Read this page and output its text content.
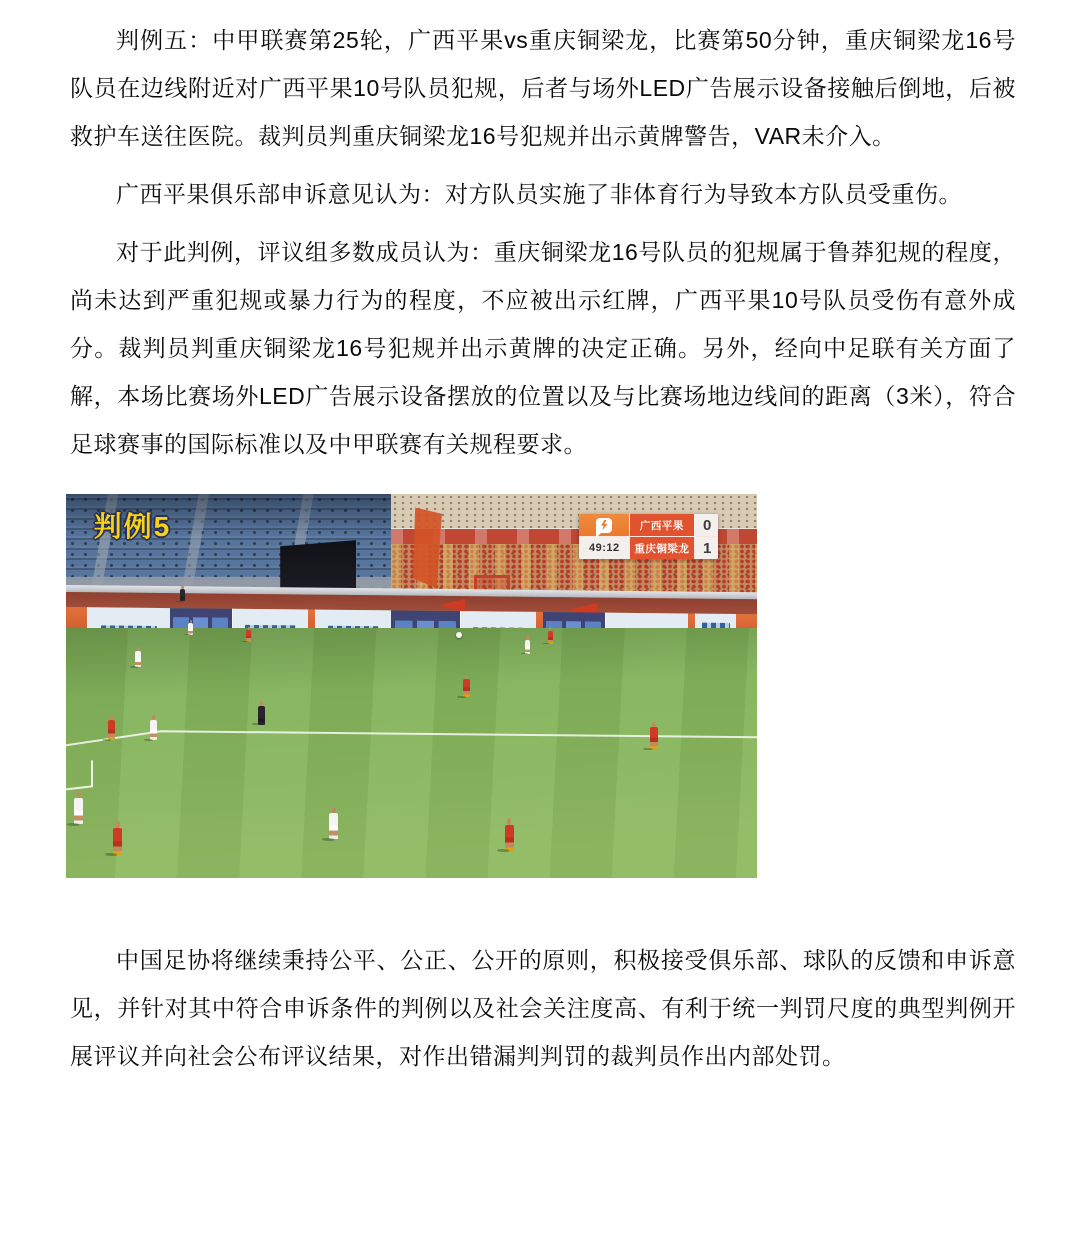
判例五：中甲联赛第25轮，广西平果vs重庆铜梁龙，比赛第50分钟，重庆铜梁龙16号队员在边线附近对广西平果10号队员犯规，后者与场外LED广告展示设备接触后倒地，后被救护车送往医院。裁判员判重庆铜梁龙16号犯规并出示黄牌警告，VAR未介入。

广西平果俱乐部申诉意见认为：对方队员实施了非体育行为导致本方队员受重伤。

对于此判例，评议组多数成员认为：重庆铜梁龙16号队员的犯规属于鲁莽犯规的程度，尚未达到严重犯规或暴力行为的程度，不应被出示红牌，广西平果10号队员受伤有意外成分。裁判员判重庆铜梁龙16号犯规并出示黄牌的决定正确。另外，经向中足联有关方面了解，本场比赛场外LED广告展示设备摆放的位置以及与比赛场地边线间的距离（3米），符合足球赛事的国际标准以及中甲联赛有关规程要求。

判例5	广西平果	0
49:12	重庆铜梁龙 1

中国足协将继续秉持公平、公正、公开的原则，积极接受俱乐部、球队的反馈和申诉意见，并针对其中符合申诉条件的判例以及社会关注度高、有利于统一判罚尺度的典型判例开展评议并向社会公布评议结果，对作出错漏判判罚的裁判员作出内部处罚。
